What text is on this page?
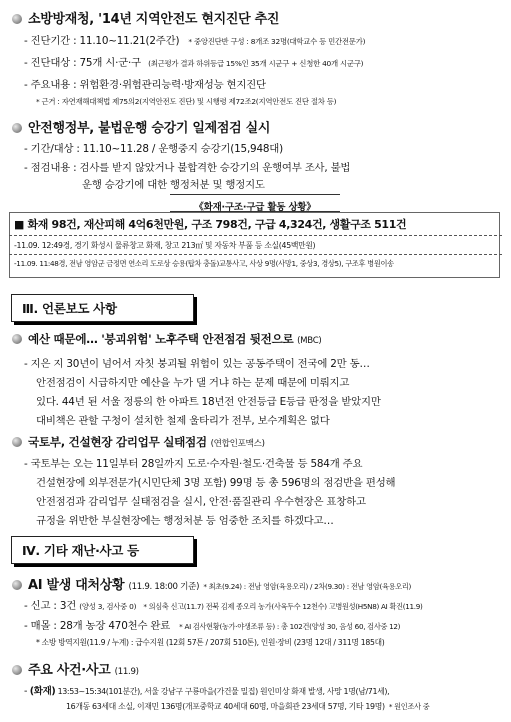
소방방재청, '14년 지역안전도 현지진단 추진
- 진단기간 : 11.10~11.21(2주간) * 중앙진단반 구성 : 8개조 32명(대학교수 등 민간전문가)
- 진단대상 : 75개 시·군·구 (최근평가 결과 하위등급 15%인 35개 시군구 + 신청한 40개 시군구)
- 주요내용 : 위험환경·위험관리능력·방재성능 현지진단
* 근거 : 자연재해대책법 제75의2(지역안전도 진단) 및 시행령 제72조2(지역안전도 진단 절차 등)
안전행정부, 불법운행 승강기 일제점검 실시
- 기간/대상 : 11.10~11.28 / 운행중지 승강기(15,948대)
- 점검내용 : 검사를 받지 않았거나 불합격한 승강기의 운행여부 조사, 불법
운행 승강기에 대한 행정처분 및 행정지도
《화재·구조·구급 활동 상황》
■ 화재 98건, 재산피해 4억6천만원, 구조 798건, 구급 4,324건, 생활구조 511건
-11.09. 12:49경, 경기 화성시 물류창고 화재, 창고 213㎡ 및 자동차 부품 등 소실(45백만원)
-11.09. 11:48경, 전남 영암군 금정면 연소리 도로상 승용(탑차 충돌)교통사고, 사상 9명(사망1, 중상3, 경상5), 구조후 병원이송
Ⅲ. 언론보도 사항
예산 때문에… '붕괴위험' 노후주택 안전점검 뒷전으로 (MBC)
- 지은 지 30년이 넘어서 자칫 붕괴될 위험이 있는 공동주택이 전국에 2만 동…
안전점검이 시급하지만 예산을 누가 댈 거냐 하는 문제 때문에 미뤄지고
있다. 44년 된 서울 정릉의 한 아파트 18년전 안전등급 E등급 판정을 받았지만
대비책은 관할 구청이 설치한 철제 울타리가 전부, 보수계획은 없다
국토부, 건설현장 감리업무 실태점검 (연합인포맥스)
- 국토부는 오는 11일부터 28일까지 도로·수자원·철도·건축물 등 584개 주요
건설현장에 외부전문가(시민단체 3명 포함) 99명 등 총 596명의 점검반을 편성해
안전점검과 감리업무 실태점검을 실시, 안전·품질관리 우수현장은 표창하고
규정을 위반한 부실현장에는 행정처분 등 엄중한 조치를 하겠다고…
Ⅳ. 기타 재난·사고 등
AI 발생 대처상황 (11.9. 18:00 기준) * 최초(9.24) : 전남 영암(육용오리) / 2차(9.30) : 전남 영암(육용오리)
- 신고 : 3건 (양성 3, 검사중 0) * 의심축 신고(11.7) 전북 김제 종오리 농가(사육두수 12천수) 고병원성(H5N8) AI 확진(11.9)
- 매몰 : 28개 농장 470천수 완료 * AI 검사현황(농가·야생조류 등) : 총 102건(양성 30, 음성 60, 검사중 12)
* 소방 방역지원(11.9 / 누계) : 급수지원 (12회 57톤 / 207회 510톤), 인원·장비 (23명 12대 / 311명 185대)
주요 사건·사고 (11.9)
- (화재) 13:53~15:34(101분간), 서울 강남구 구룡마을(가건물 밀집) 원인미상 화재 발생, 사망 1명(남/71세),
16개동 63세대 소실, 이재민 136명(개포중학교 40세대 60명, 마을회관 23세대 57명, 기타 19명) * 원인조사 중
